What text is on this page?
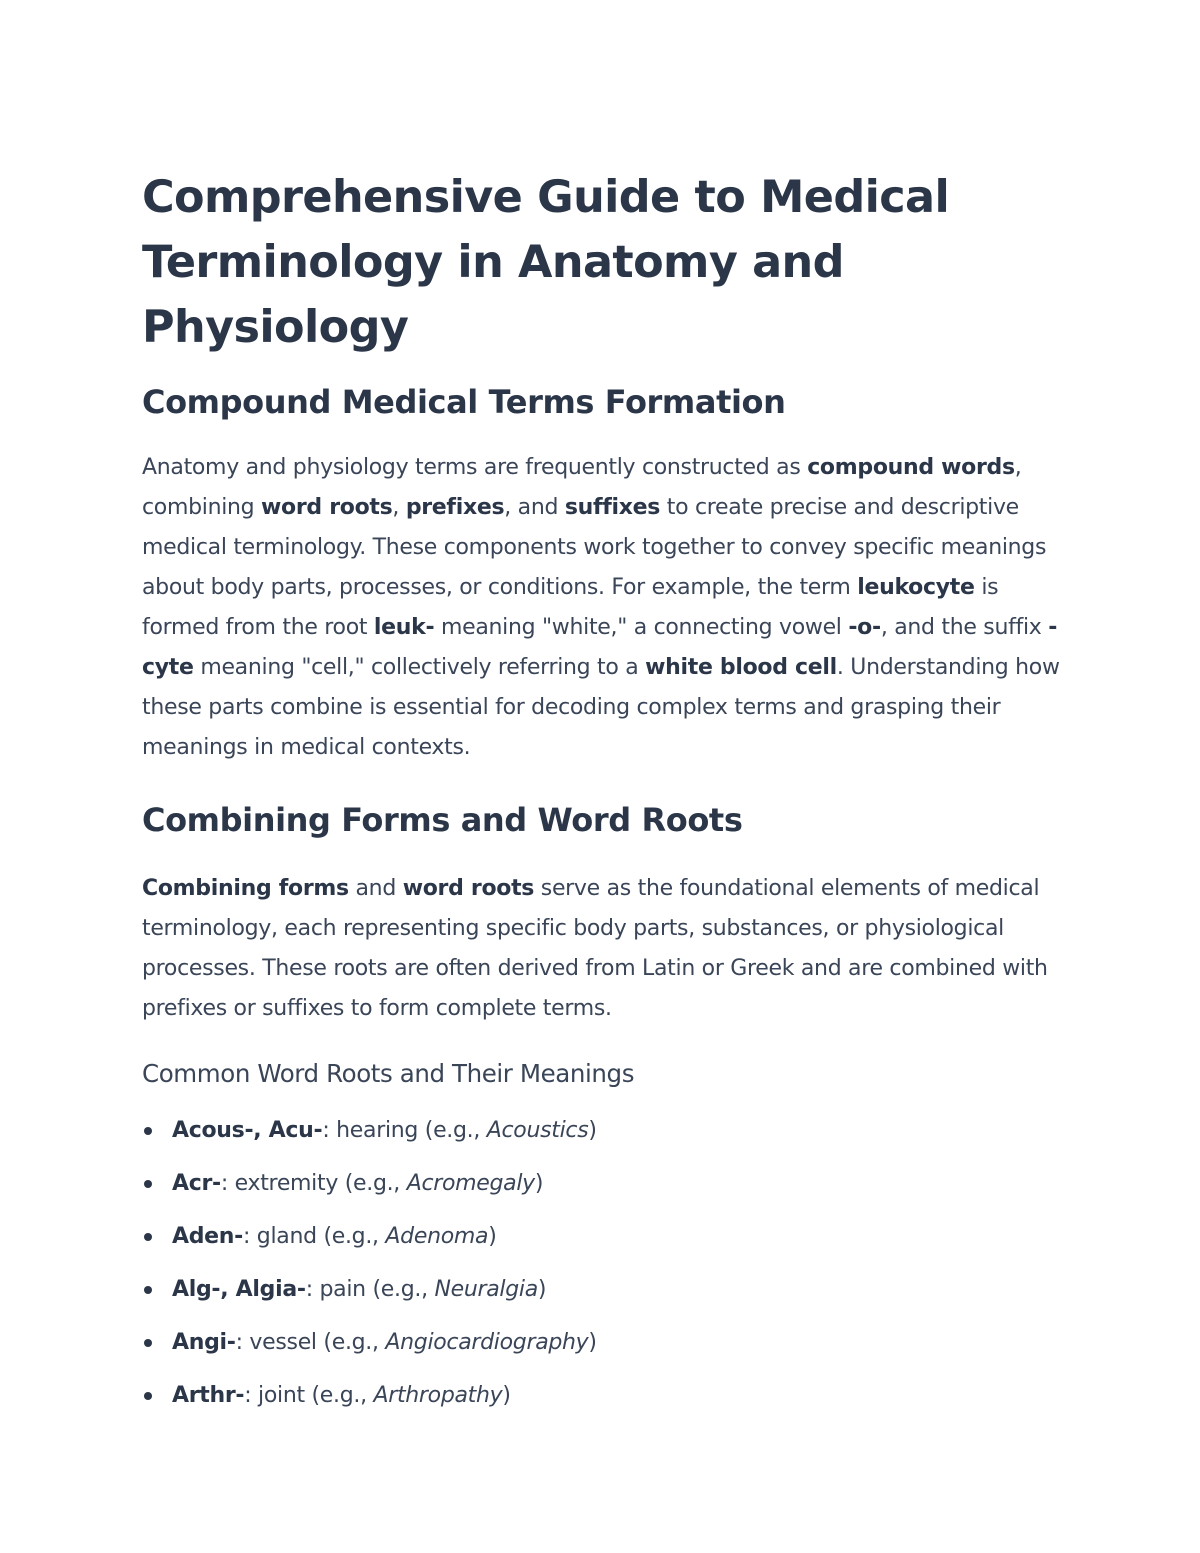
Comprehensive Guide to Medical Terminology in Anatomy and Physiology
Compound Medical Terms Formation

Anatomy and physiology terms are frequently constructed as compound words, combining word roots, prefixes, and suffixes to create precise and descriptive medical terminology. These components work together to convey specific meanings about body parts, processes, or conditions. For example, the term leukocyte is formed from the root leuk- meaning "white," a connecting vowel -o-, and the suffix -cyte meaning "cell," collectively referring to a white blood cell. Understanding how these parts combine is essential for decoding complex terms and grasping their meanings in medical contexts.

Combining Forms and Word Roots

Combining forms and word roots serve as the foundational elements of medical terminology, each representing specific body parts, substances, or physiological processes. These roots are often derived from Latin or Greek and are combined with prefixes or suffixes to form complete terms.

Common Word Roots and Their Meanings
Acous-, Acu-: hearing (e.g., Acoustics)
Acr-: extremity (e.g., Acromegaly)
Aden-: gland (e.g., Adenoma)
Alg-, Algia-: pain (e.g., Neuralgia)
Angi-: vessel (e.g., Angiocardiography)
Arthr-: joint (e.g., Arthropathy)
